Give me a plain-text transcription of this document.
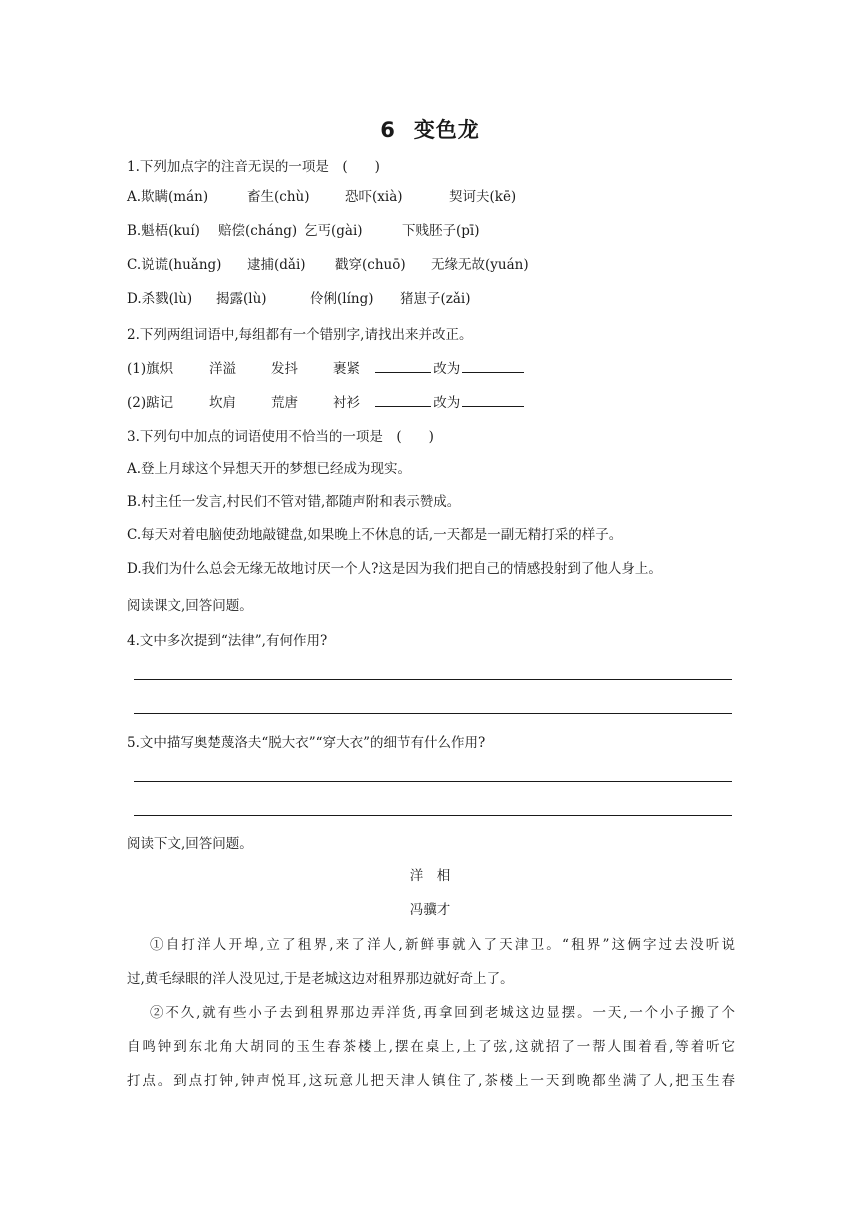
6 变色龙
1.下列加点字的注音无误的一项是　(　　)
A.欺瞒(mán)	畜生(chù)	恐吓(xià)	契诃夫(kē)
B.魁梧(kuí) 赔偿(cháng) 乞丐(gài)	下贱胚子(pī)
C.说谎(huǎng) 逮捕(dǎi) 戳穿(chuō) 无缘无故(yuán)
D.杀戮(lù) 揭露(lù)	伶俐(líng) 猪崽子(zǎi)
2.下列两组词语中,每组都有一个错别字,请找出来并改正。
(1)旗炽	洋溢	发抖	裹紧	改为
(2)踮记	坎肩	荒唐	衬衫	改为
3.下列句中加点的词语使用不恰当的一项是　(　　)
A.登上月球这个异想天开的梦想已经成为现实。
B.村主任一发言,村民们不管对错,都随声附和表示赞成。
C.每天对着电脑使劲地敲键盘,如果晚上不休息的话,一天都是一副无精打采的样子。
D.我们为什么总会无缘无故地讨厌一个人?这是因为我们把自己的情感投射到了他人身上。
阅读课文,回答问题。
4.文中多次提到“法律”,有何作用?
5.文中描写奥楚蔑洛夫“脱大衣”“穿大衣”的细节有什么作用?
阅读下文,回答问题。
洋　相
冯骥才
①自打洋人开埠,立了租界,来了洋人,新鲜事就入了天津卫。“租界”这俩字过去没听说
过,黄毛绿眼的洋人没见过,于是老城这边对租界那边就好奇上了。
②不久,就有些小子去到租界那边弄洋货,再拿回到老城这边显摆。一天,一个小子搬了个
自鸣钟到东北角大胡同的玉生春茶楼上,摆在桌上,上了弦,这就招了一帮人围着看,等着听它
打点。到点打钟,钟声悦耳,这玩意儿把天津人镇住了,茶楼上一天到晚都坐满了人,把玉生春
